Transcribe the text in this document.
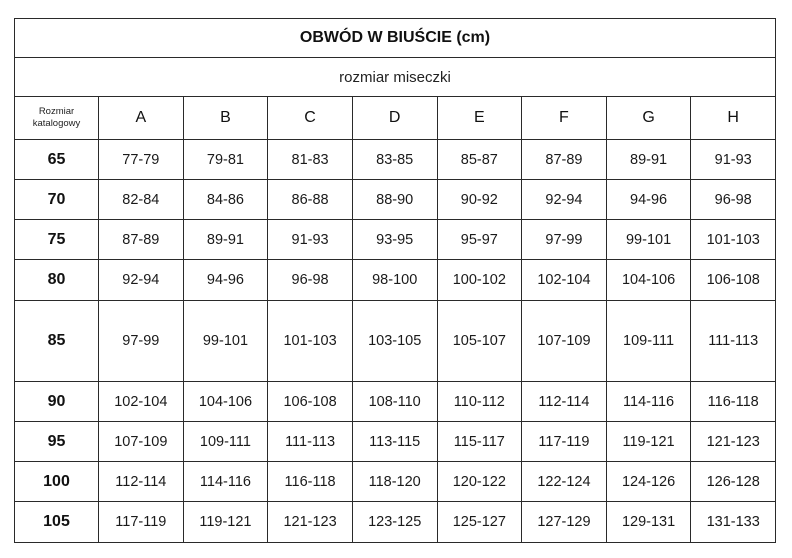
OBWÓD W BIUŚCIE (cm)								
rozmiar miseczki								
Rozmiar katalogowy	A	B	C	D	E	F	G	H
65	77-79	79-81	81-83	83-85	85-87	87-89	89-91	91-93
70	82-84	84-86	86-88	88-90	90-92	92-94	94-96	96-98
75	87-89	89-91	91-93	93-95	95-97	97-99	99-101	101-103
80	92-94	94-96	96-98	98-100	100-102	102-104	104-106	106-108
85	97-99	99-101	101-103	103-105	105-107	107-109	109-111	111-113
90	102-104	104-106	106-108	108-110	110-112	112-114	114-116	116-118
95	107-109	109-111	111-113	113-115	115-117	117-119	119-121	121-123
100	112-114	114-116	116-118	118-120	120-122	122-124	124-126	126-128
105	117-119	119-121	121-123	123-125	125-127	127-129	129-131	131-133
